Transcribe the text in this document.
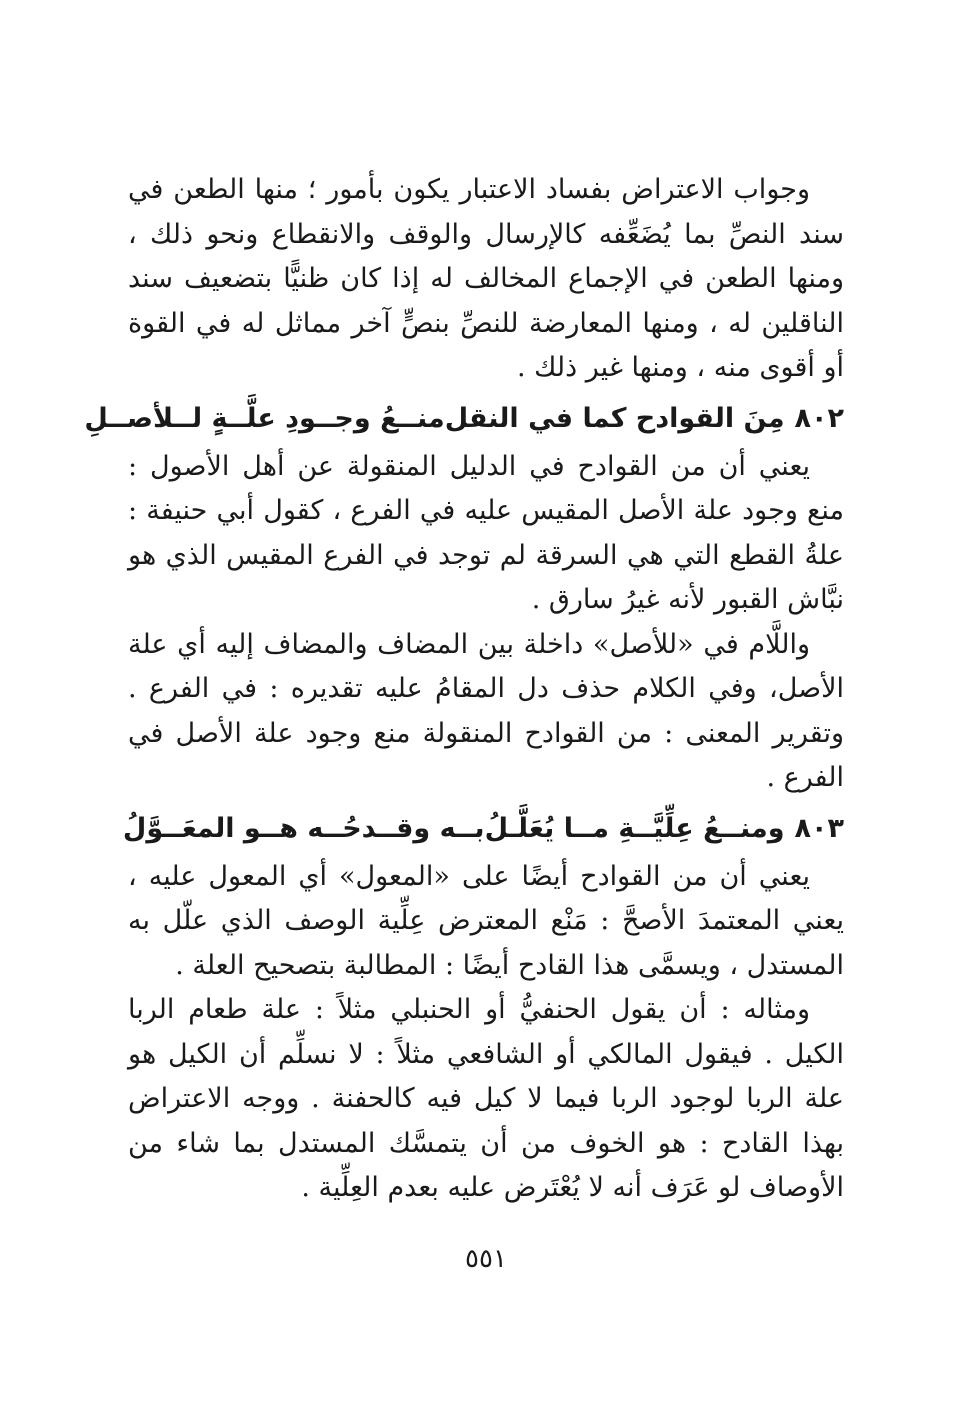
وجواب الاعتراض بفساد الاعتبار يكون بأمور ؛ منها الطعن في سند النصِّ بما يُضَعِّفه كالإرسال والوقف والانقطاع ونحو ذلك ، ومنها الطعن في الإجماع المخالف له إذا كان ظنيًّا بتضعيف سند الناقلين له ، ومنها المعارضة للنصِّ بنصٍّ آخر مماثل له في القوة أو أقوى منه ، ومنها غير ذلك .

٨٠٢
مِنَ القوادح كما في النقل
منــعُ وجــودِ علَّــةٍ لــلأصــلِ

يعني أن من القوادح في الدليل المنقولة عن أهل الأصول : منع وجود علة الأصل المقيس عليه في الفرع ، كقول أبي حنيفة : علةُ القطع التي هي السرقة لم توجد في الفرع المقيس الذي هو نبَّاش القبور لأنه غيرُ سارق .

واللَّام في «للأصل» داخلة بين المضاف والمضاف إليه أي علة الأصل، وفي الكلام حذف دل المقامُ عليه تقديره : في الفرع . وتقرير المعنى : من القوادح المنقولة منع وجود علة الأصل في الفرع .

٨٠٣
ومنــعُ عِلِّيَّــةِ مــا يُعَلَّـلُ
بــه وقــدحُــه هــو المعَــوَّلُ

يعني أن من القوادح أيضًا على «المعول» أي المعول عليه ، يعني المعتمدَ الأصحَّ : مَنْع المعترض عِلِّية الوصف الذي علّل به المستدل ، ويسمَّى هذا القادح أيضًا : المطالبة بتصحيح العلة .

ومثاله : أن يقول الحنفيُّ أو الحنبلي مثلاً : علة طعام الربا الكيل . فيقول المالكي أو الشافعي مثلاً : لا نسلِّم أن الكيل هو علة الربا لوجود الربا فيما لا كيل فيه كالحفنة . ووجه الاعتراض بهذا القادح : هو الخوف من أن يتمسَّك المستدل بما شاء من الأوصاف لو عَرَف أنه لا يُعْتَرض عليه بعدم العِلِّية .

٥٥١
